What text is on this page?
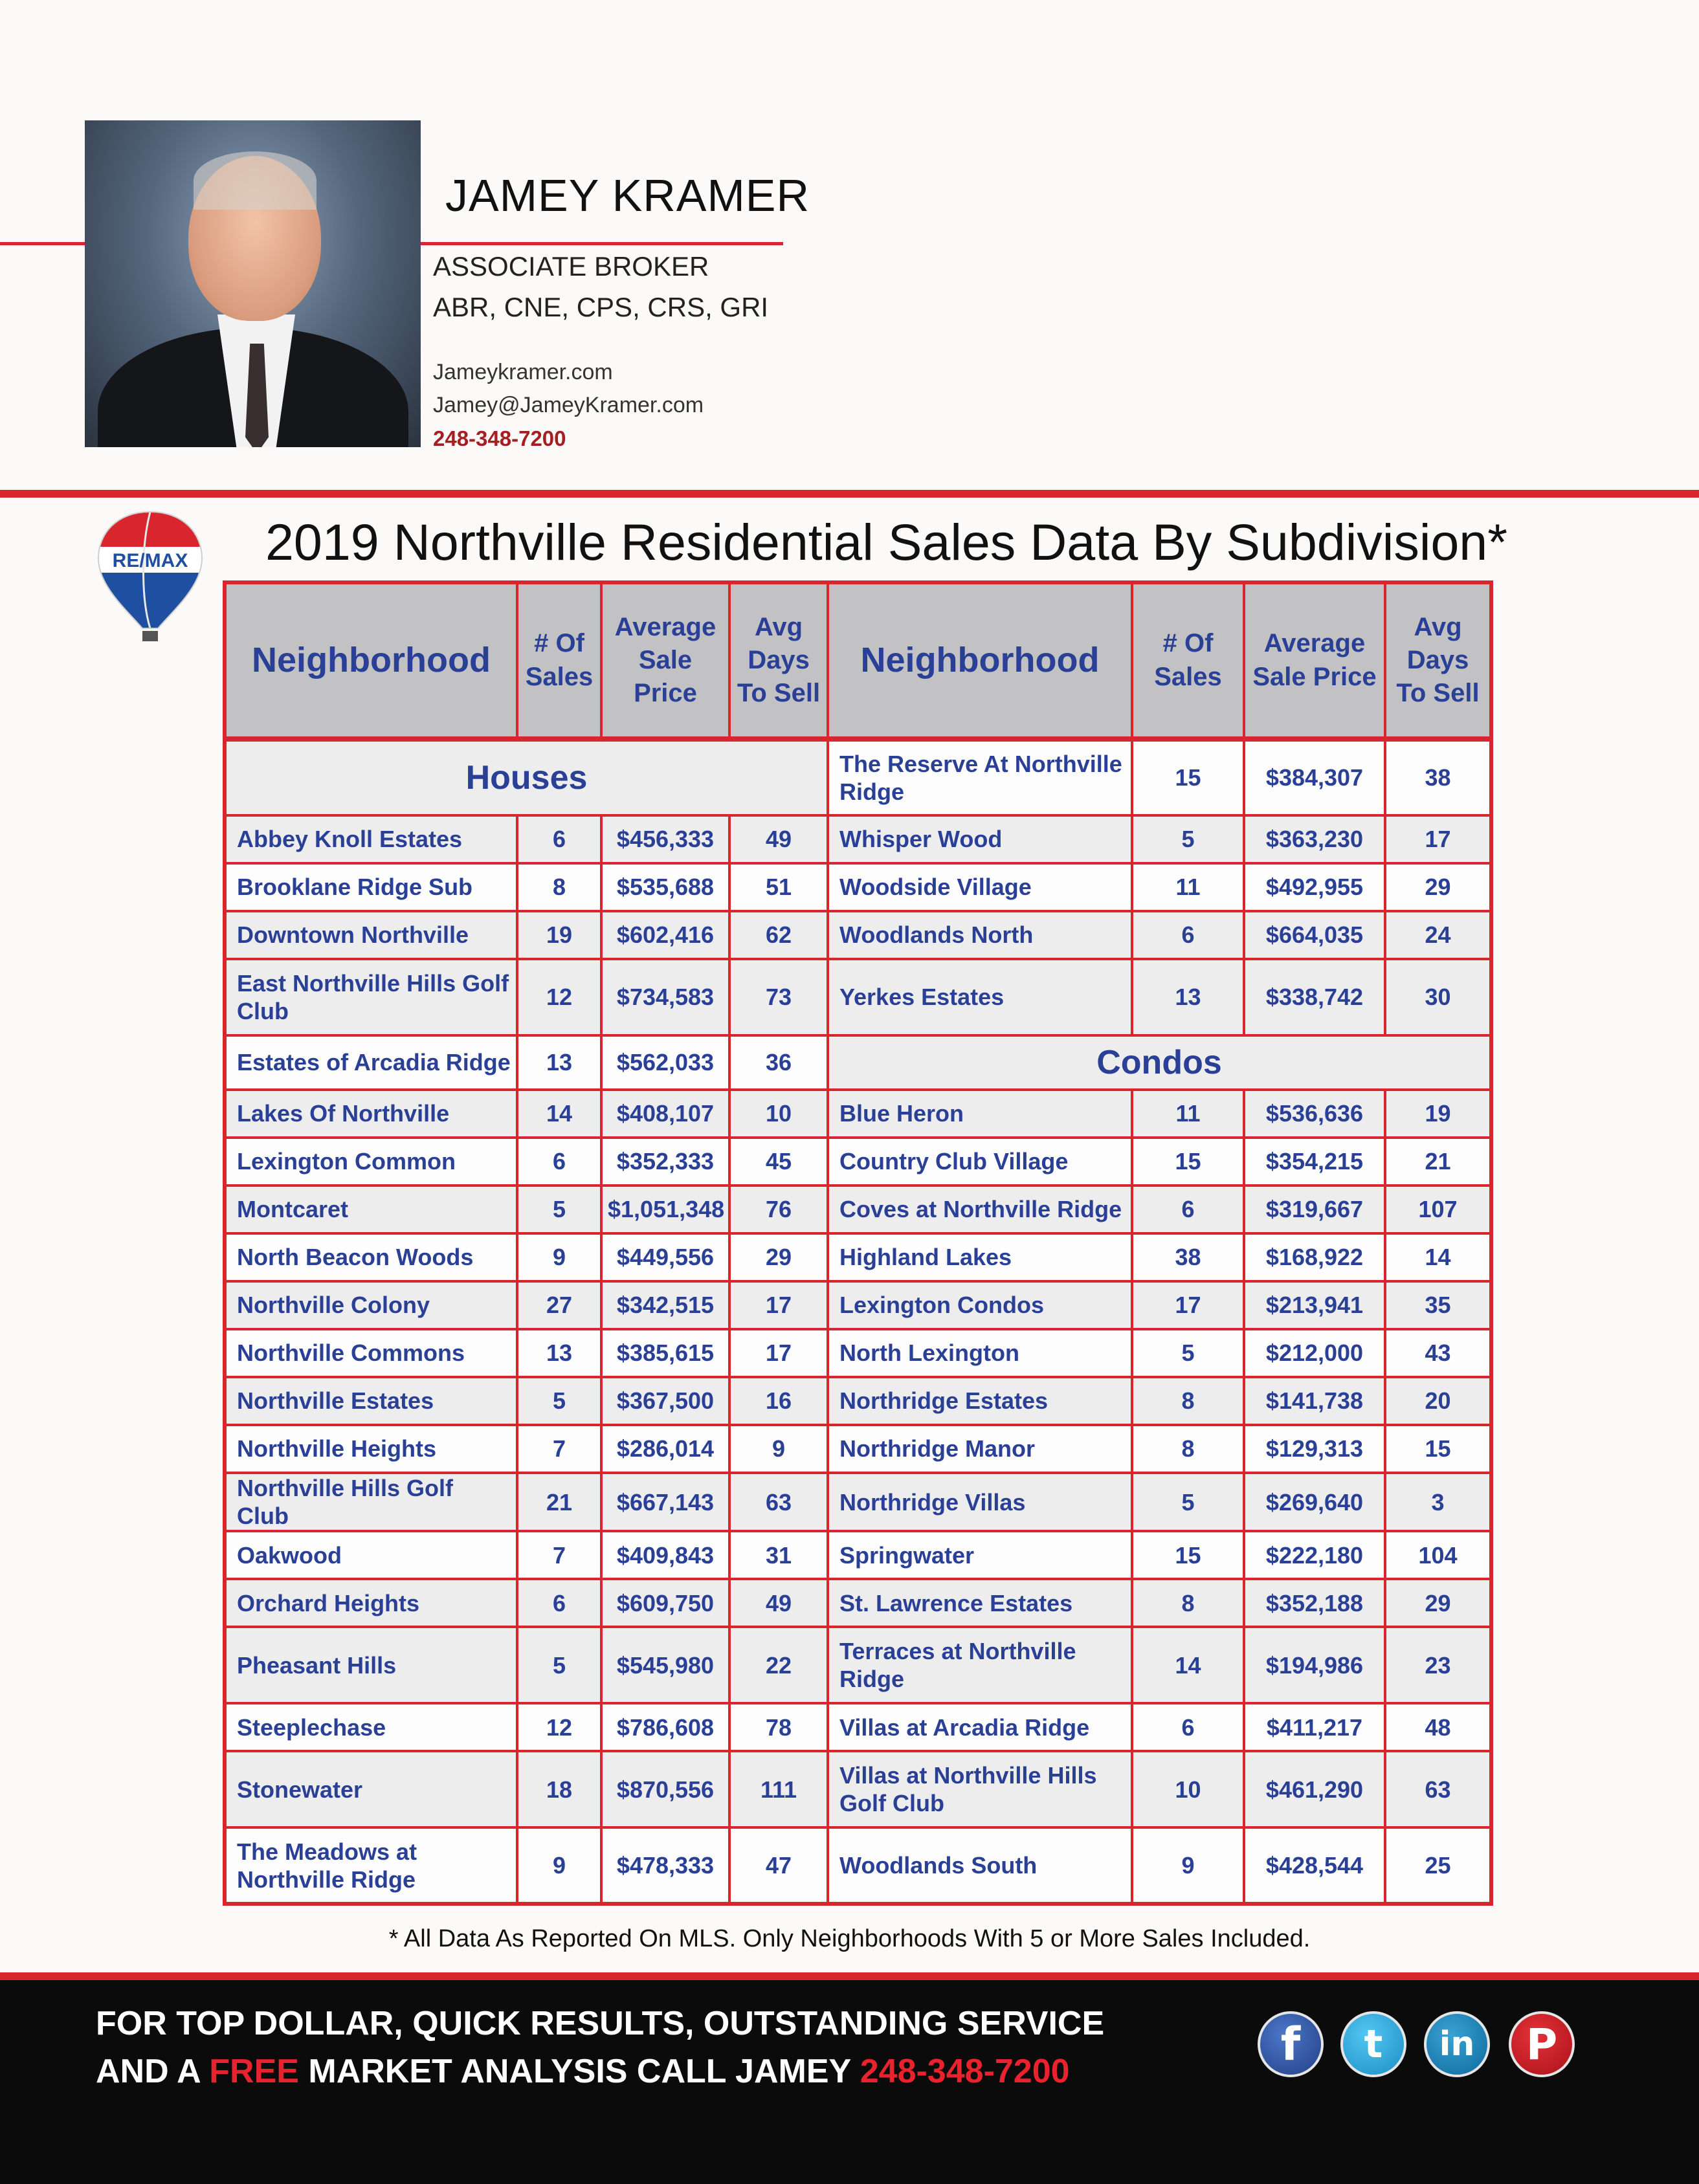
JAMEY KRAMER
ASSOCIATE BROKER
ABR, CNE, CPS, CRS, GRI
Jameykramer.com
Jamey@JameyKramer.com
248-348-7200
RE/MAX 2019 Northville Residential Sales Data By Subdivision*
Neighborhood	# Of Sales	Average Sale Price	Avg Days To Sell	Neighborhood	# Of Sales	Average Sale Price	Avg Days To Sell
Houses				The Reserve At Northville Ridge	15	$384,307	38
Abbey Knoll Estates	6	$456,333	49	Whisper Wood	5	$363,230	17
Brooklane Ridge Sub	8	$535,688	51	Woodside Village	11	$492,955	29
Downtown Northville	19	$602,416	62	Woodlands North	6	$664,035	24
East Northville Hills Golf Club	12	$734,583	73	Yerkes Estates	13	$338,742	30
Estates of Arcadia Ridge	13	$562,033	36	Condos			
Lakes Of Northville	14	$408,107	10	Blue Heron	11	$536,636	19
Lexington Common	6	$352,333	45	Country Club Village	15	$354,215	21
Montcaret	5	$1,051,348	76	Coves at Northville Ridge	6	$319,667	107
North Beacon Woods	9	$449,556	29	Highland Lakes	38	$168,922	14
Northville Colony	27	$342,515	17	Lexington Condos	17	$213,941	35
Northville Commons	13	$385,615	17	North Lexington	5	$212,000	43
Northville Estates	5	$367,500	16	Northridge Estates	8	$141,738	20
Northville Heights	7	$286,014	9	Northridge Manor	8	$129,313	15
Northville Hills Golf Club	21	$667,143	63	Northridge Villas	5	$269,640	3
Oakwood	7	$409,843	31	Springwater	15	$222,180	104
Orchard Heights	6	$609,750	49	St. Lawrence Estates	8	$352,188	29
Pheasant Hills	5	$545,980	22	Terraces at Northville Ridge	14	$194,986	23
Steeplechase	12	$786,608	78	Villas at Arcadia Ridge	6	$411,217	48
Stonewater	18	$870,556	111	Villas at Northville Hills Golf Club	10	$461,290	63
The Meadows at Northville Ridge	9	$478,333	47	Woodlands South	9	$428,544	25
* All Data As Reported On MLS. Only Neighborhoods With 5 or More Sales Included.
FOR TOP DOLLAR, QUICK RESULTS, OUTSTANDING SERVICE
AND A FREE MARKET ANALYSIS CALL JAMEY 248-348-7200
f	t	in	P
